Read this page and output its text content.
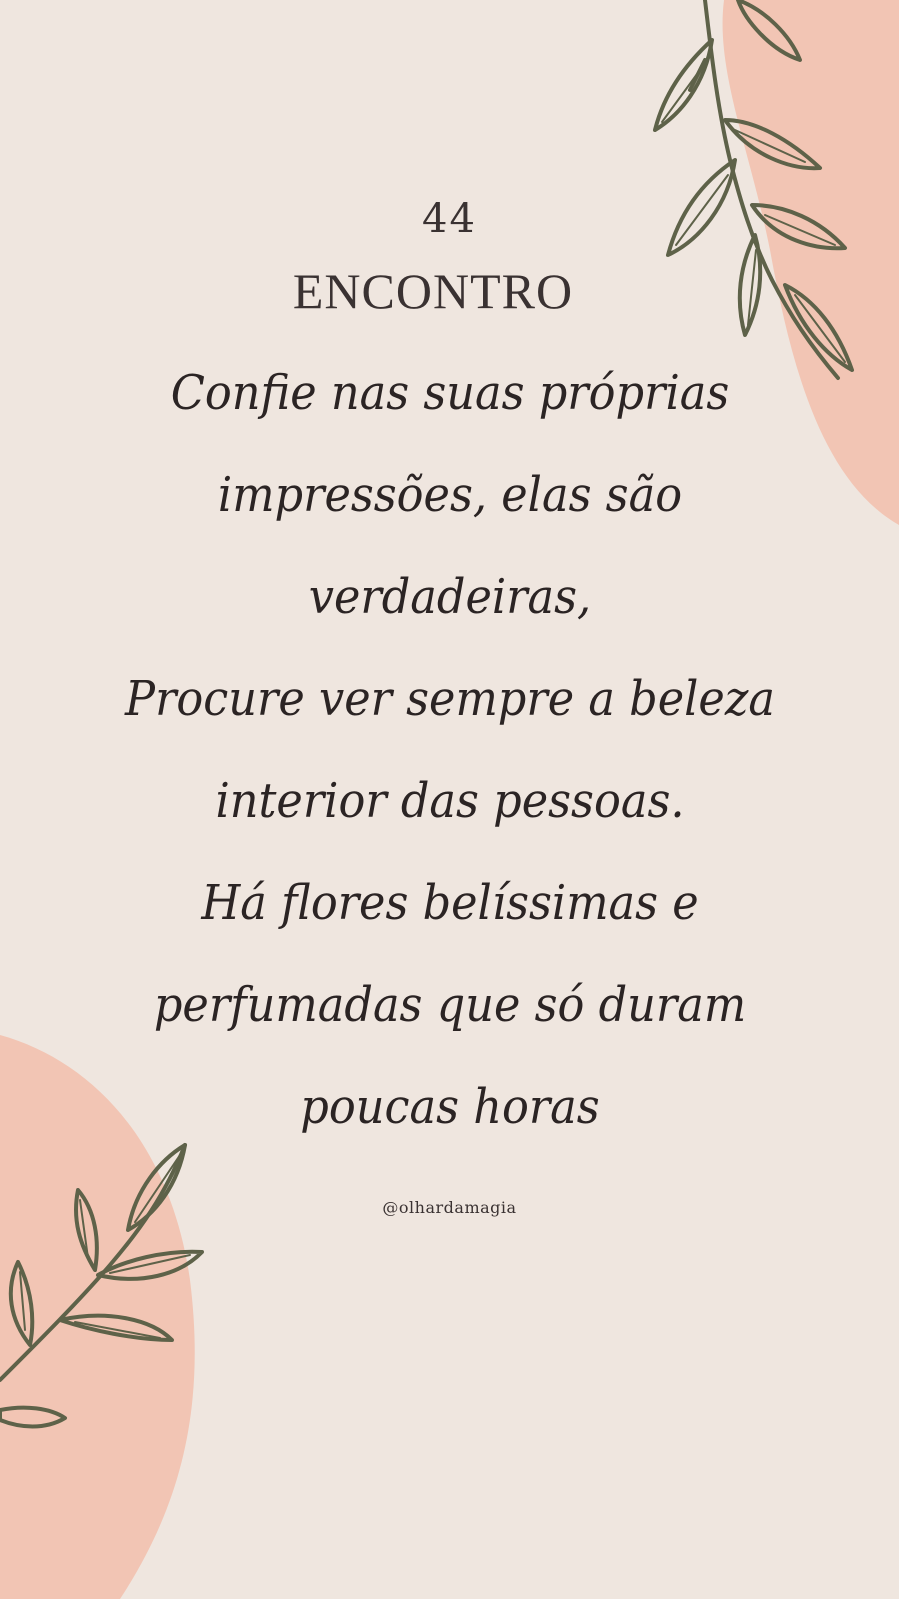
44
ENCONTRO
Confie nas suas próprias
impressões, elas são
verdadeiras,
Procure ver sempre a beleza
interior das pessoas.
Há flores belíssimas e
perfumadas que só duram
poucas horas
@olhardamagia
